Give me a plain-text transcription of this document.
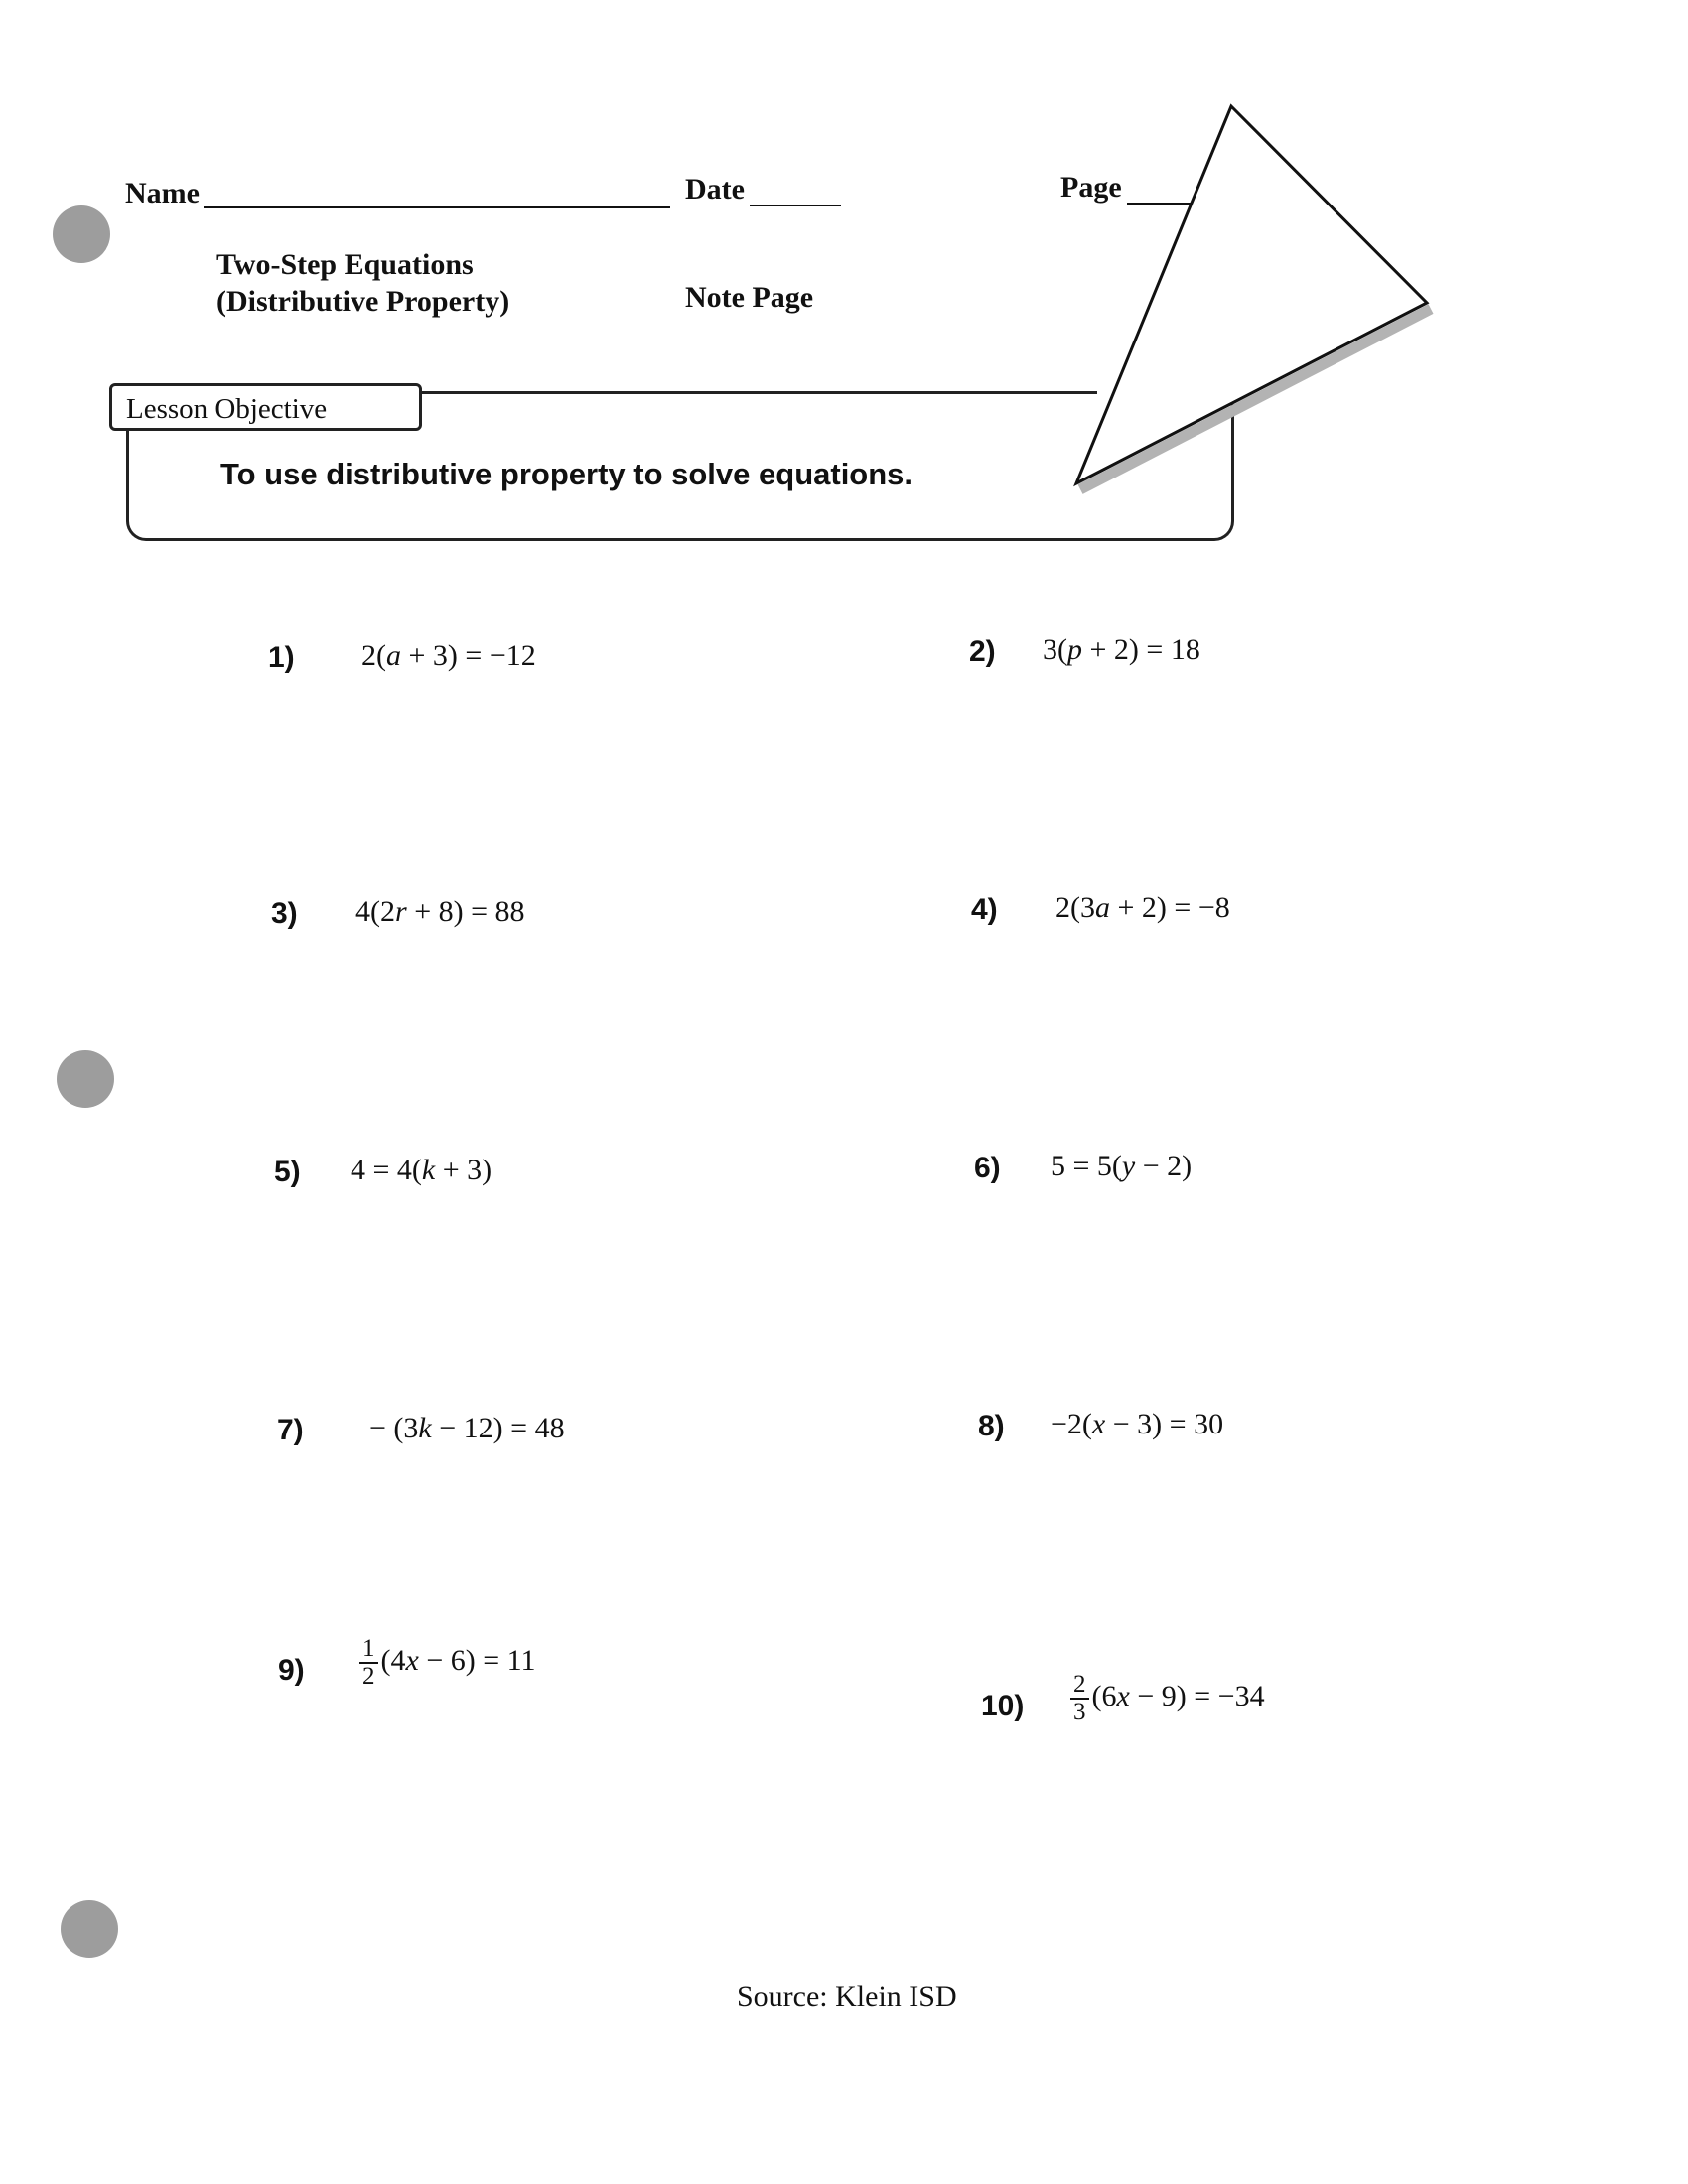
Name	Date	Page
Two-Step Equations
(Distributive Property)	Note Page
Lesson Objective
To use distributive property to solve equations.
1) 2(a + 3) = −12	2) 3(p + 2) = 18
3) 4(2r + 8) = 88	4) 2(3a + 2) = −8
5) 4 = 4(k + 3)	6) 5 = 5(y − 2)
7) − (3k − 12) = 48	8) −2(x − 3) = 30
$9) \frac{1}{2} (4x - 6) = 11$
$10) \frac{2}{3} (6x - 9) = -34$
Source: Klein ISD
